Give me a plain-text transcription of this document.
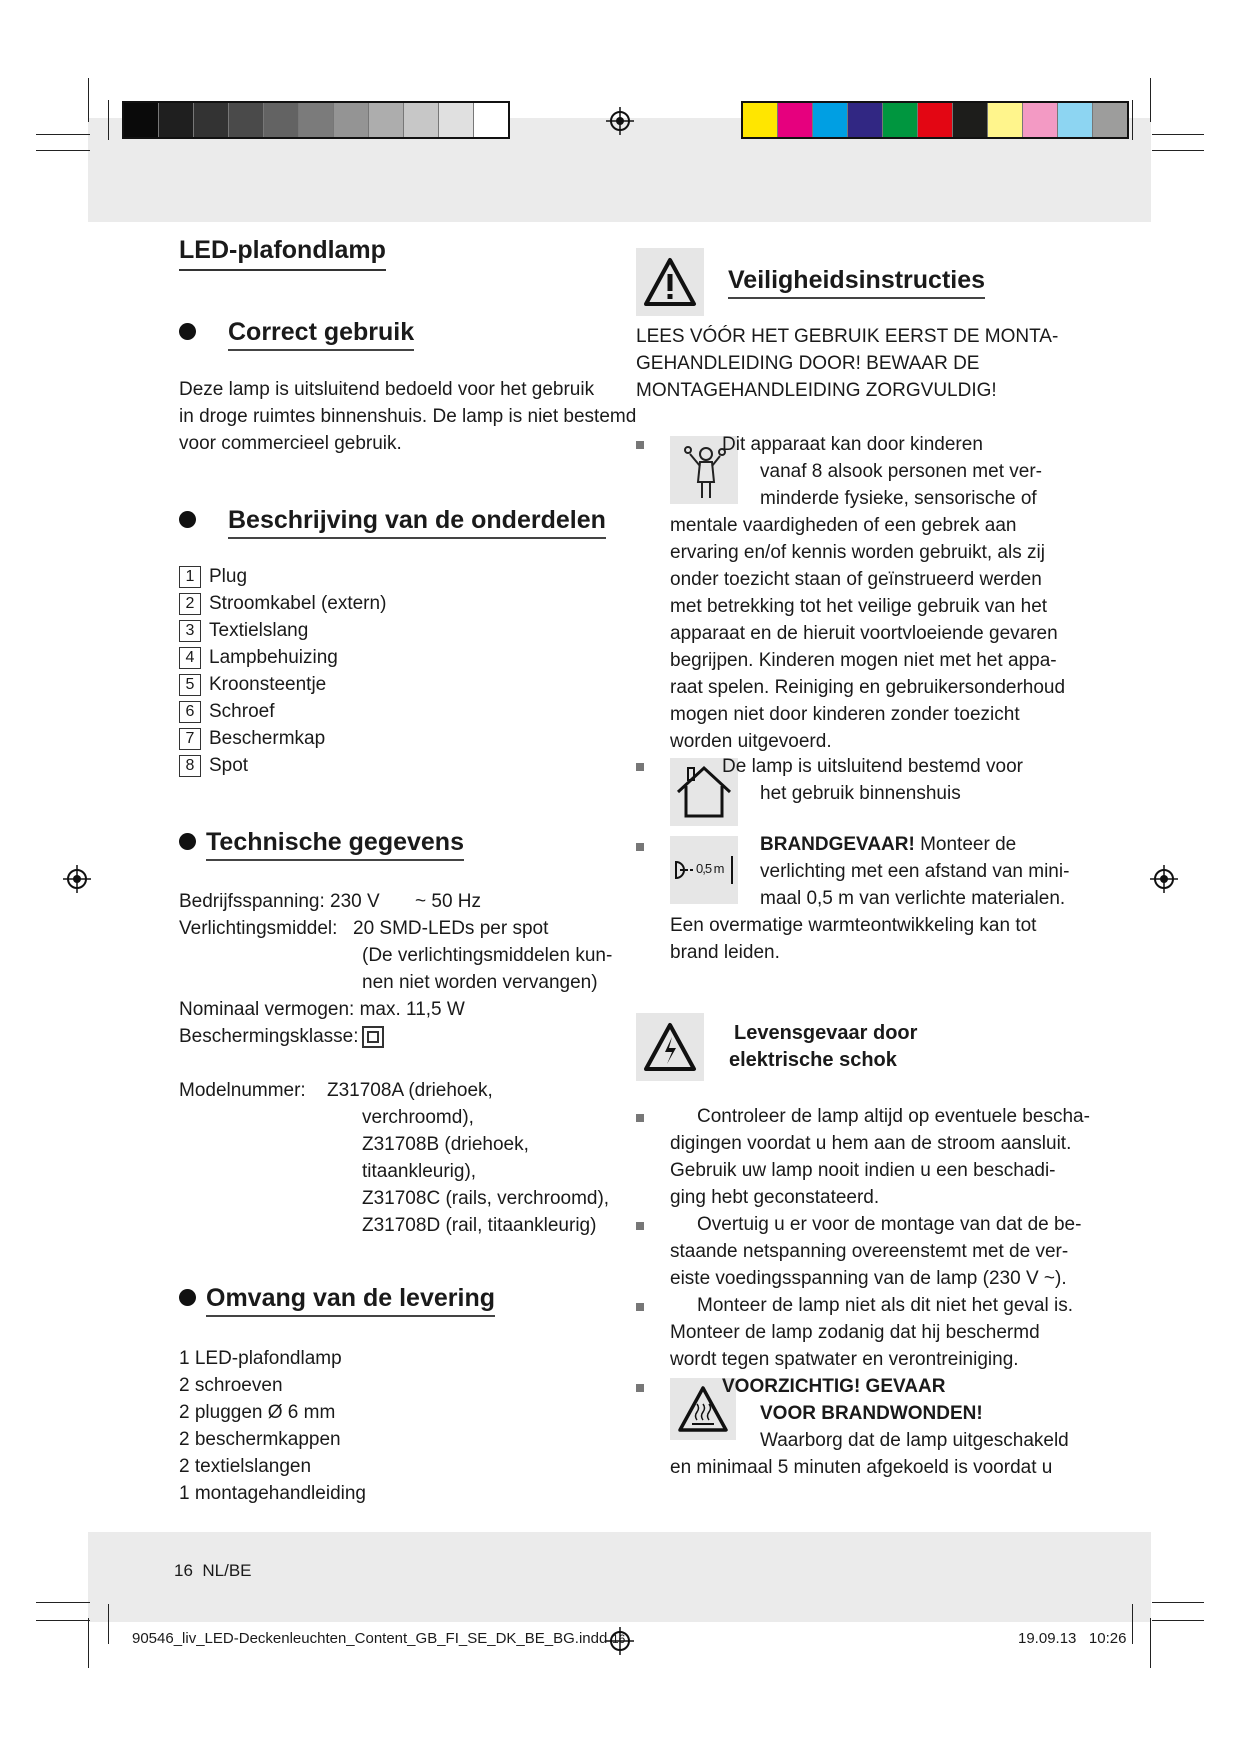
LED-plafondlamp
Correct gebruik
Deze lamp is uitsluitend bedoeld voor het gebruik
in droge ruimtes binnenshuis. De lamp is niet bestemd
voor commercieel gebruik.
Beschrijving van de onderdelen
1 Plug
2 Stroomkabel (extern)
3 Textielslang
4 Lampbehuizing
5 Kroonsteentje
6 Schroef
7 Beschermkap
8 Spot
Technische gegevens
Bedrijfsspanning: 230 V ~ 50 Hz
Verlichtingsmiddel: 20 SMD-LEDs per spot
(De verlichtingsmiddelen kun-
nen niet worden vervangen)
Nominaal vermogen: max. 11,5 W
Beschermingsklasse:
Modelnummer: Z31708A (driehoek,
verchroomd),
Z31708B (driehoek,
titaankleurig),
Z31708C (rails, verchroomd),
Z31708D (rail, titaankleurig)
Omvang van de levering
1 LED-plafondlamp
2 schroeven
2 pluggen Ø 6 mm
2 beschermkappen
2 textielslangen
1 montagehandleiding
Veiligheidsinstructies
LEES VÓÓR HET GEBRUIK EERST DE MONTA-
GEHANDLEIDING DOOR! BEWAAR DE
MONTAGEHANDLEIDING ZORGVULDIG!
Dit apparaat kan door kinderen
vanaf 8 alsook personen met ver-
minderde fysieke, sensorische of
mentale vaardigheden of een gebrek aan
ervaring en/of kennis worden gebruikt, als zij
onder toezicht staan of geïnstrueerd werden
met betrekking tot het veilige gebruik van het
apparaat en de hieruit voortvloeiende gevaren
begrijpen. Kinderen mogen niet met het appa-
raat spelen. Reiniging en gebruikersonderhoud
mogen niet door kinderen zonder toezicht
worden uitgevoerd.
De lamp is uitsluitend bestemd voor
het gebruik binnenshuis
0,5 m
BRANDGEVAAR! Monteer de
verlichting met een afstand van mini-
maal 0,5 m van verlichte materialen.
Een overmatige warmteontwikkeling kan tot
brand leiden.
Levensgevaar door
elektrische schok
Controleer de lamp altijd op eventuele bescha-
digingen voordat u hem aan de stroom aansluit.
Gebruik uw lamp nooit indien u een beschadi-
ging hebt geconstateerd.
Overtuig u er voor de montage van dat de be-
staande netspanning overeenstemt met de ver-
eiste voedingsspanning van de lamp (230 V ~).
Monteer de lamp niet als dit niet het geval is.
Monteer de lamp zodanig dat hij beschermd
wordt tegen spatwater en verontreiniging.
VOORZICHTIG! GEVAAR
VOOR BRANDWONDEN!
Waarborg dat de lamp uitgeschakeld
en minimaal 5 minuten afgekoeld is voordat u
16 NL/BE
90546_liv_LED-Deckenleuchten_Content_GB_FI_SE_DK_BE_BG.indd 16	19.09.13 10:26
